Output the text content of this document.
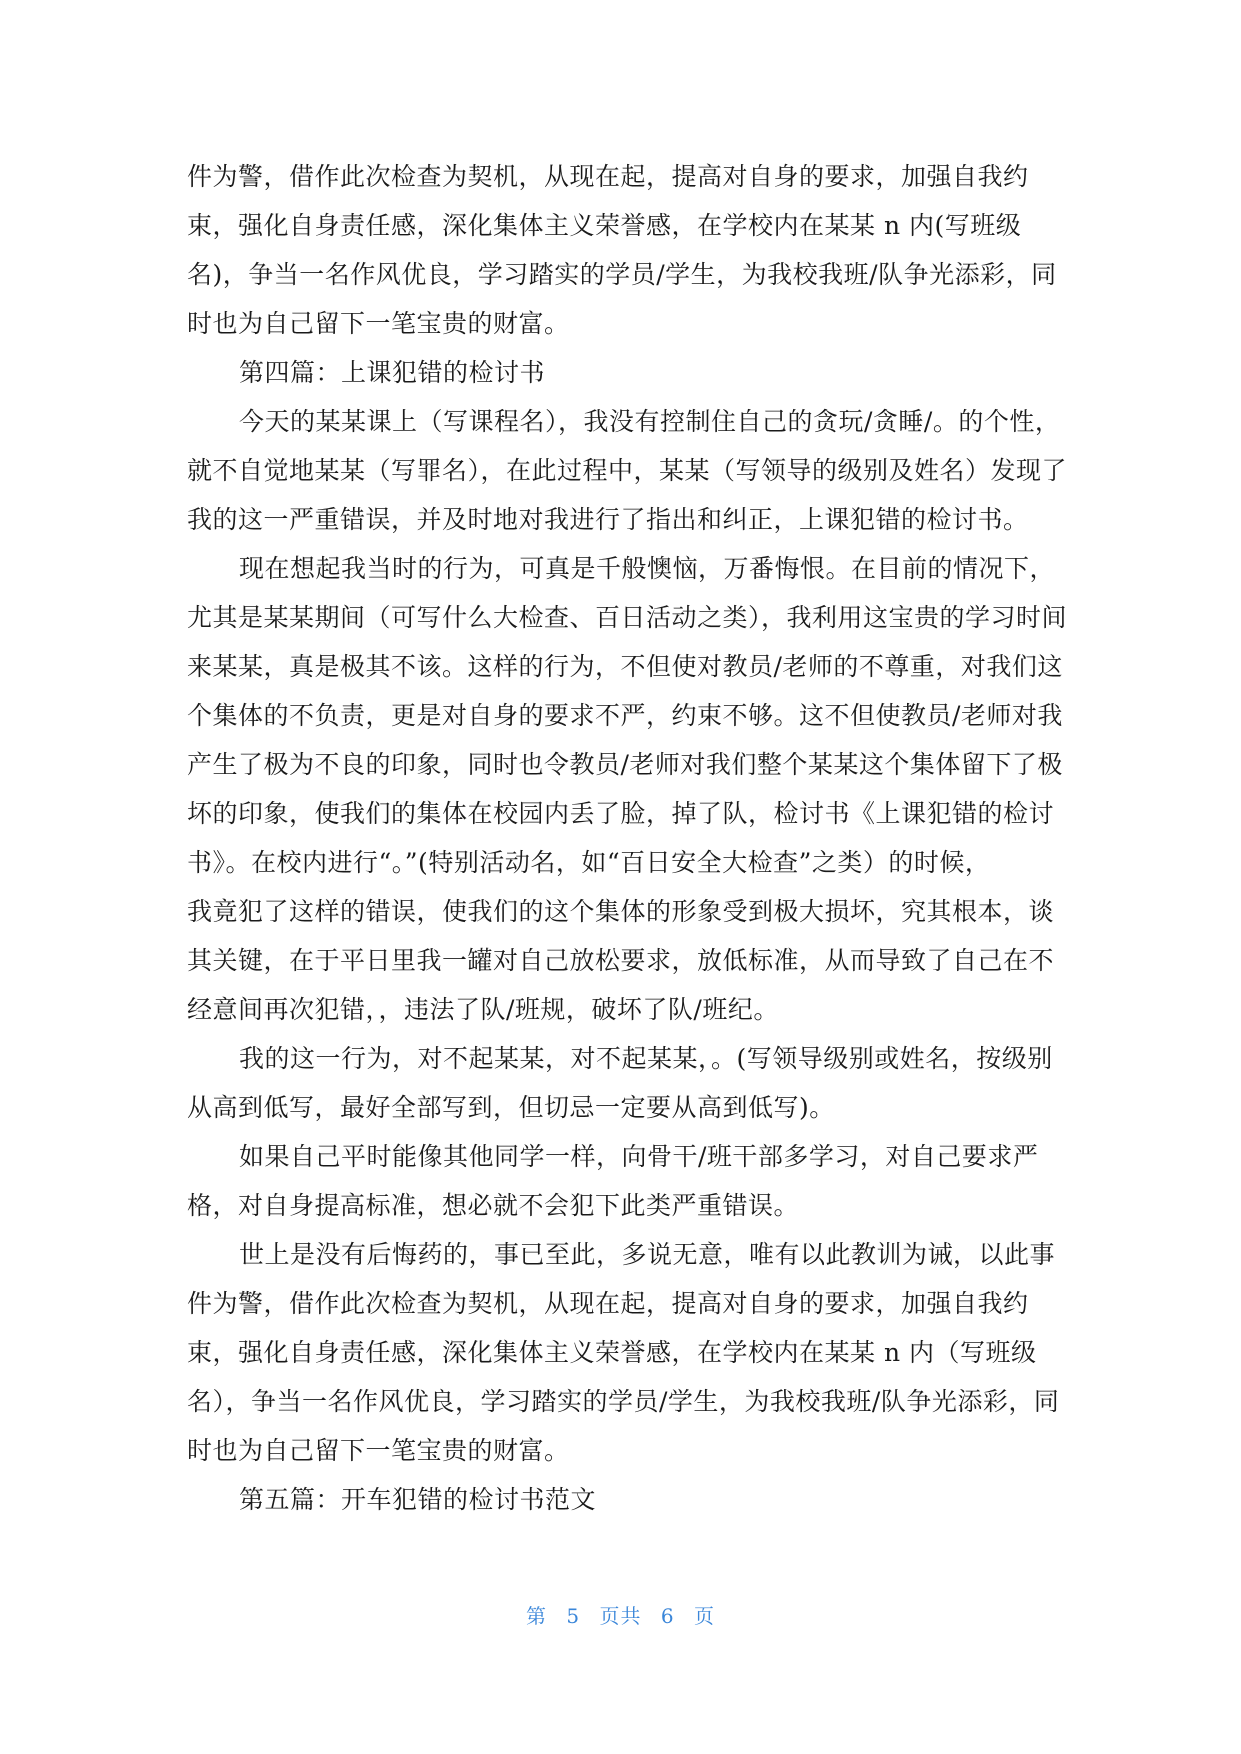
件为警，借作此次检查为契机，从现在起，提高对自身的要求，加强自我约
束，强化自身责任感，深化集体主义荣誉感，在学校内在某某 n 内(写班级
名)，争当一名作风优良，学习踏实的学员/学生，为我校我班/队争光添彩，同
时也为自己留下一笔宝贵的财富。
第四篇：上课犯错的检讨书
今天的某某课上（写课程名），我没有控制住自己的贪玩/贪睡/。的个性，
就不自觉地某某（写罪名），在此过程中，某某（写领导的级别及姓名）发现了
我的这一严重错误，并及时地对我进行了指出和纠正，上课犯错的检讨书。
现在想起我当时的行为，可真是千般懊恼，万番悔恨。在目前的情况下，
尤其是某某期间（可写什么大检查、百日活动之类），我利用这宝贵的学习时间
来某某，真是极其不该。这样的行为，不但使对教员/老师的不尊重，对我们这
个集体的不负责，更是对自身的要求不严，约束不够。这不但使教员/老师对我
产生了极为不良的印象，同时也令教员/老师对我们整个某某这个集体留下了极
坏的印象，使我们的集体在校园内丢了脸，掉了队，检讨书《上课犯错的检讨
书》。在校内进行“。”(特别活动名，如“百日安全大检查”之类）的时候，
我竟犯了这样的错误，使我们的这个集体的形象受到极大损坏，究其根本，谈
其关键，在于平日里我一罐对自己放松要求，放低标准，从而导致了自己在不
经意间再次犯错，，违法了队/班规，破坏了队/班纪。
我的这一行为，对不起某某，对不起某某，。(写领导级别或姓名，按级别
从高到低写，最好全部写到，但切忌一定要从高到低写)。
如果自己平时能像其他同学一样，向骨干/班干部多学习，对自己要求严
格，对自身提高标准，想必就不会犯下此类严重错误。
世上是没有后悔药的，事已至此，多说无意，唯有以此教训为诫，以此事
件为警，借作此次检查为契机，从现在起，提高对自身的要求，加强自我约
束，强化自身责任感，深化集体主义荣誉感，在学校内在某某 n 内（写班级
名），争当一名作风优良，学习踏实的学员/学生，为我校我班/队争光添彩，同
时也为自己留下一笔宝贵的财富。
第五篇：开车犯错的检讨书范文
第 5 页共 6 页
